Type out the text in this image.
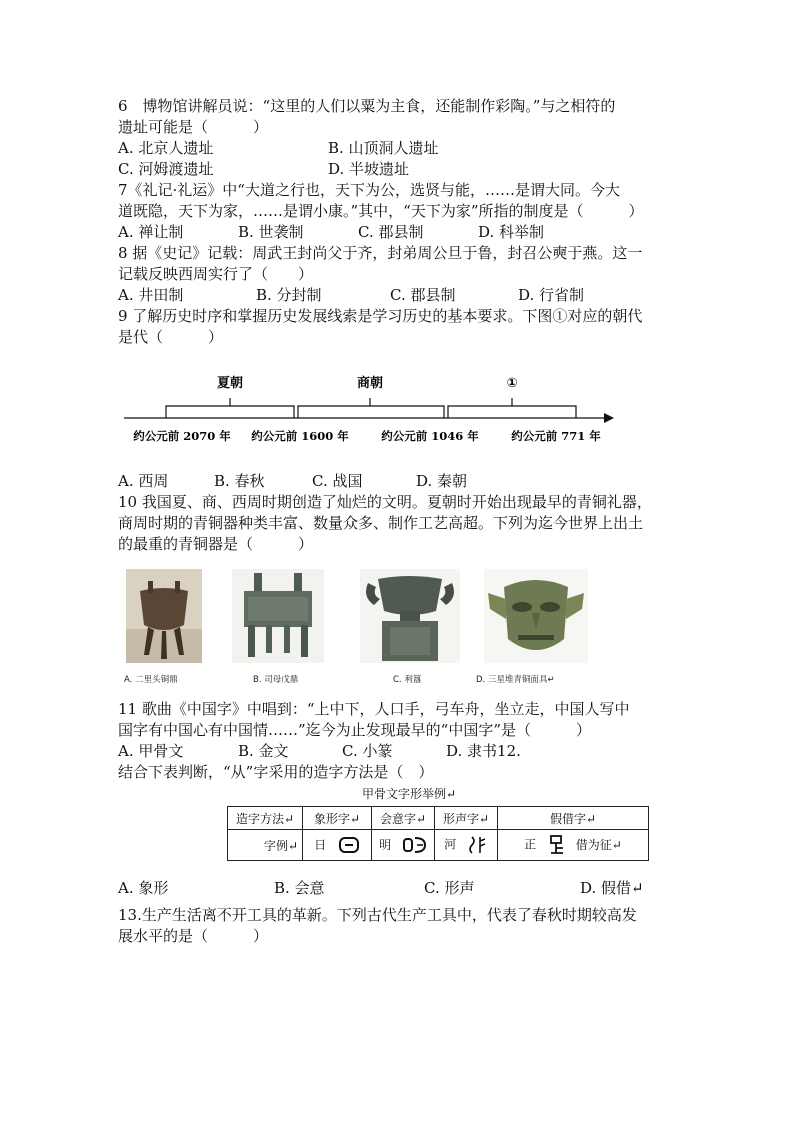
6　博物馆讲解员说：“这里的人们以粟为主食，还能制作彩陶。”与之相符的

遗址可能是（　　　）

A. 北京人遗址	B. 山顶洞人遗址

C. 河姆渡遗址	D. 半坡遗址

7《礼记·礼运》中“大道之行也，天下为公，选贤与能，……是谓大同。今大

道既隐，天下为家，……是谓小康。”其中，“天下为家”所指的制度是（　　　）

A. 禅让制	B. 世袭制	C. 郡县制	D. 科举制

8 据《史记》记载：周武王封尚父于齐，封弟周公旦于鲁，封召公奭于燕。这一

记载反映西周实行了（　　）

A. 井田制	B. 分封制	C. 郡县制	D. 行省制

9 了解历史时序和掌握历史发展线索是学习历史的基本要求。下图①对应的朝代

是代（　　　）

夏朝	商朝	①
约公元前 2070 年 约公元前 1600 年	约公元前 1046 年	约公元前 771 年

A. 西周	B. 春秋	C. 战国	D. 秦朝

10 我国夏、商、西周时期创造了灿烂的文明。夏朝时开始出现最早的青铜礼器，

商周时期的青铜器种类丰富、数量众多、制作工艺高超。下列为迄今世界上出土

的最重的青铜器是（　　　）

A. 二里头铜鼎	B. 司母戊鼎	C. 利簋	D. 三星堆青铜面具↵

11 歌曲《中国字》中唱到：“上中下，人口手，弓车舟，坐立走，中国人写中

国字有中国心有中国情……”迄今为止发现最早的“中国字”是（　　　）

A. 甲骨文	B. 金文	C. 小篆	D. 隶书12.

结合下表判断，“从”字采用的造字方法是（　）

甲骨文字形举例↵
造字方法↵	象形字↵	会意字↵	形声字↵	假借字↵
字例↵	日	明	河	正 借为征↵

A. 象形	B. 会意	C. 形声	D. 假借↵

13.生产生活离不开工具的革新。下列古代生产工具中，代表了春秋时期较高发

展水平的是（　　　）
